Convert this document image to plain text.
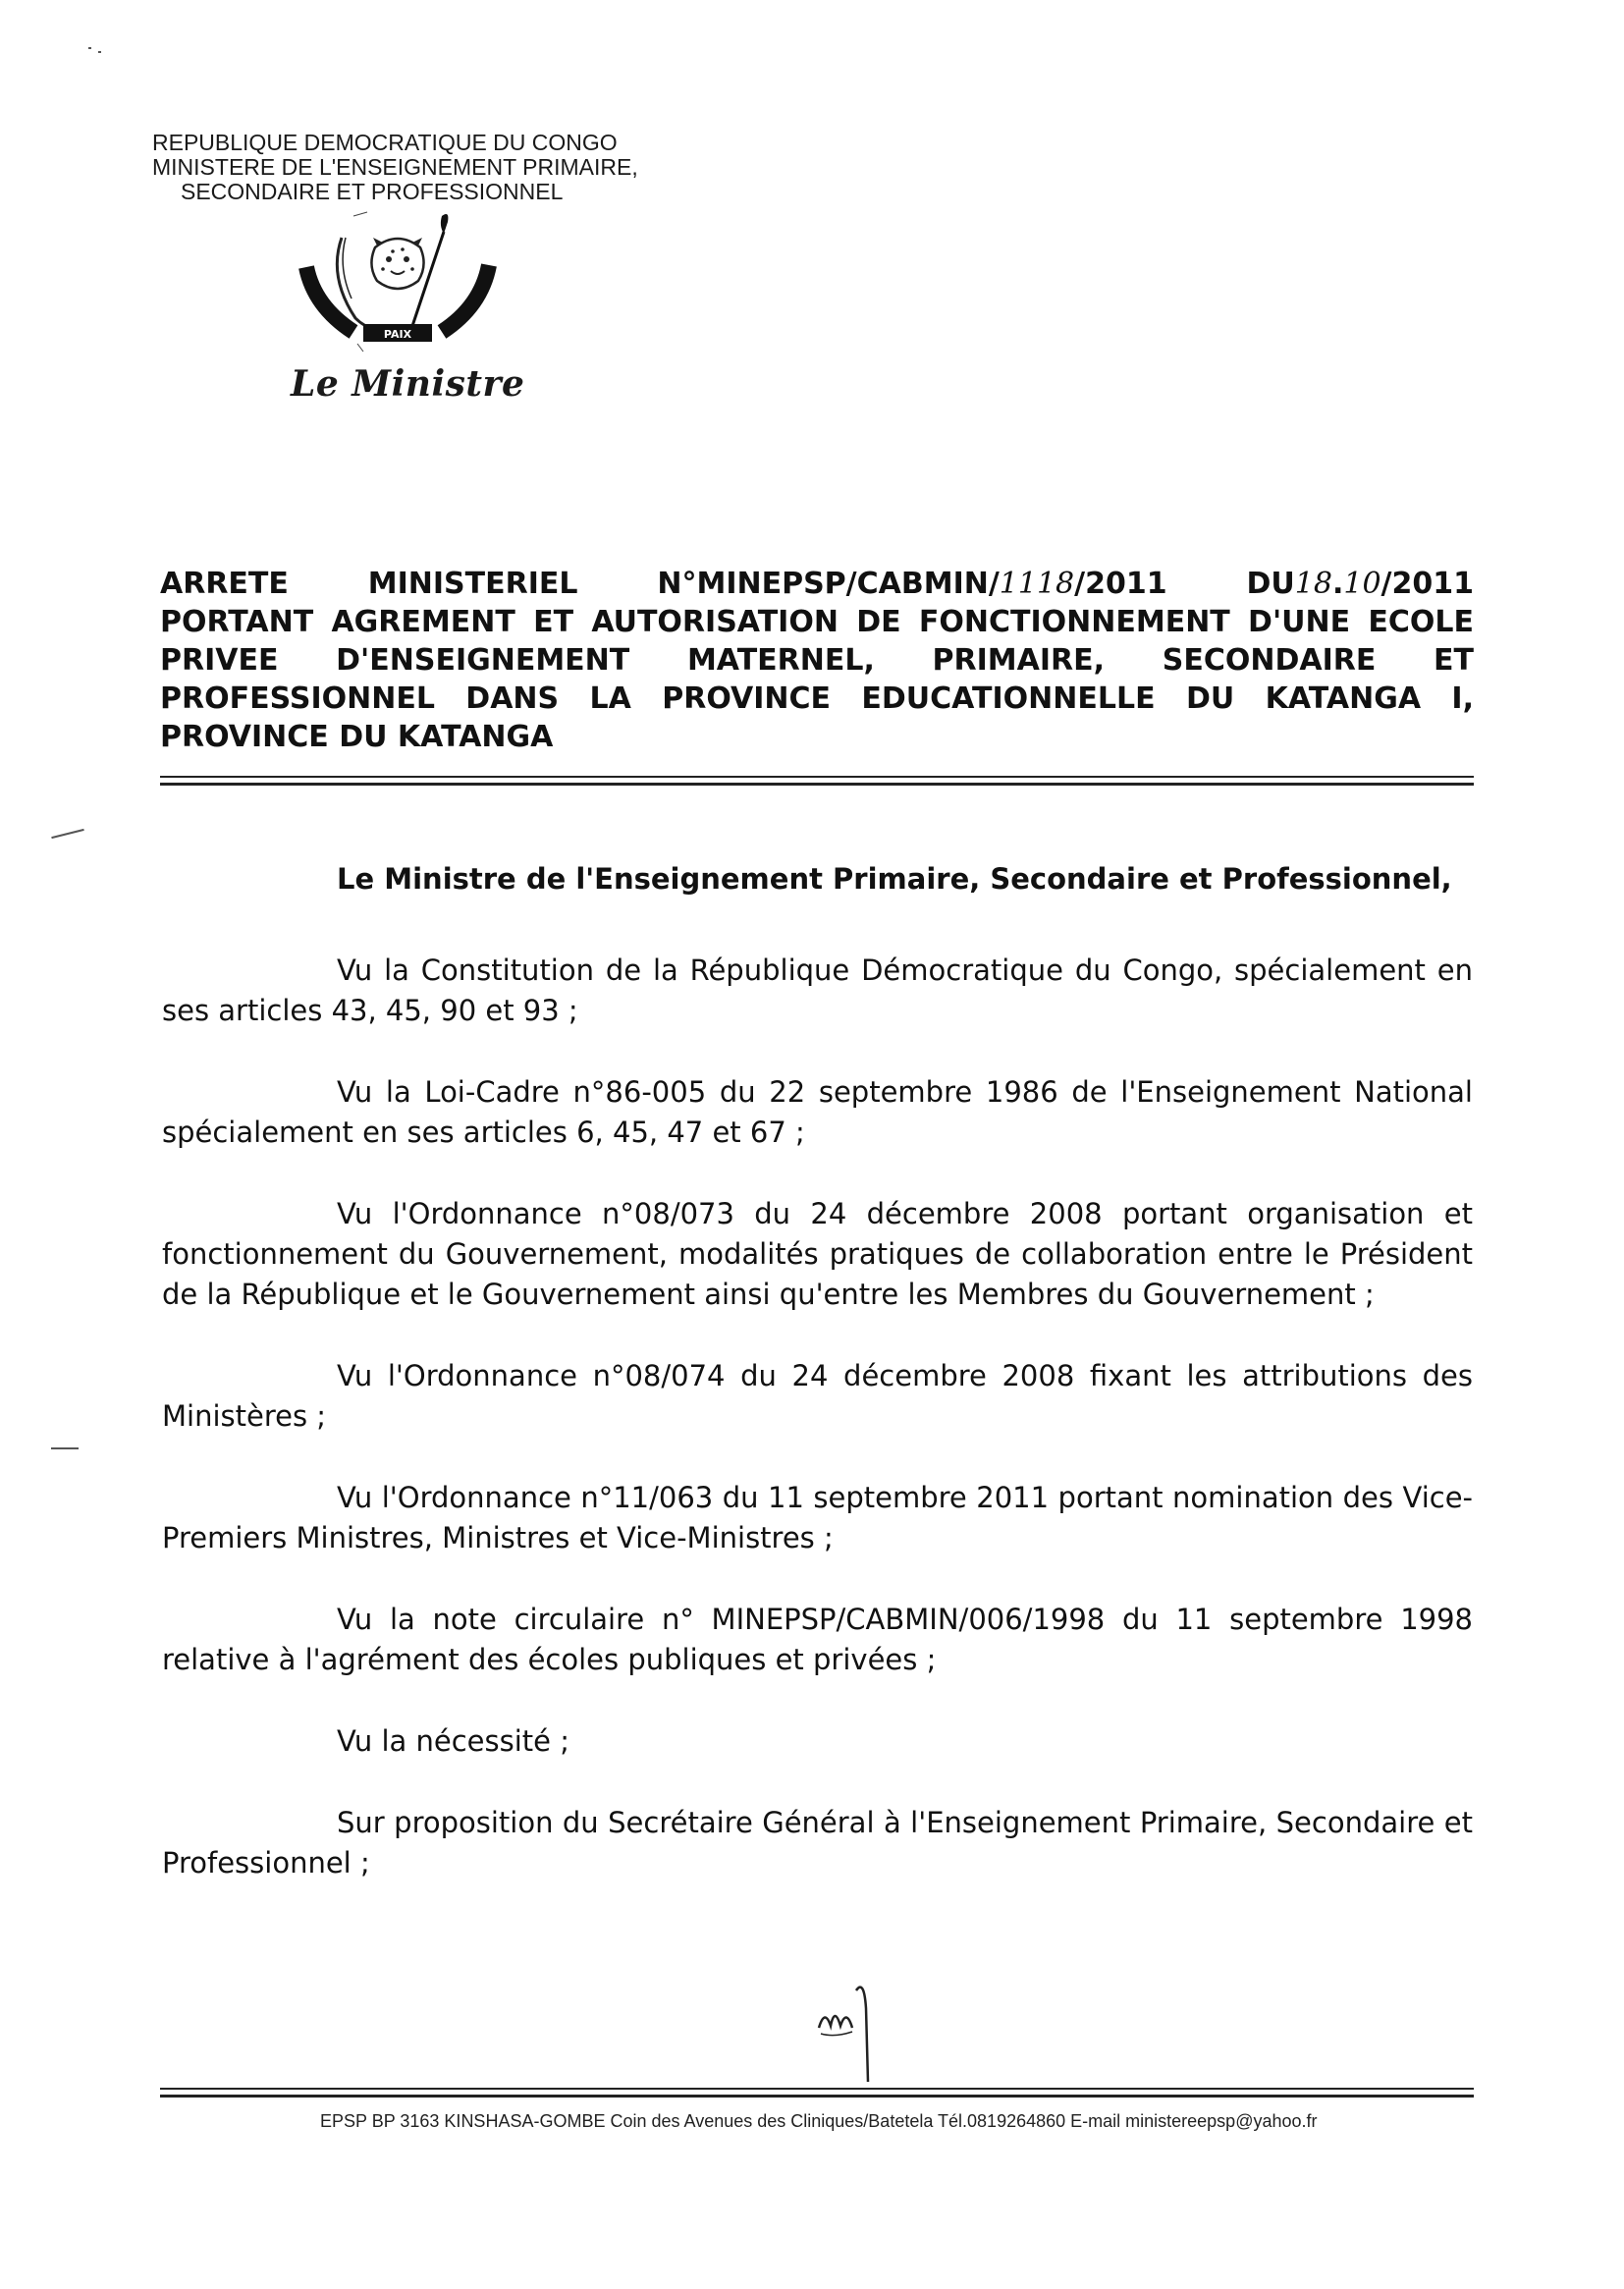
REPUBLIQUE DEMOCRATIQUE DU CONGO
MINISTERE DE L'ENSEIGNEMENT PRIMAIRE,
SECONDAIRE ET PROFESSIONNEL
PAIX
Le Ministre
ARRETE MINISTERIEL N°MINEPSP/CABMIN/1118/2011 DU18.10/2011
PORTANT AGREMENT ET AUTORISATION DE FONCTIONNEMENT D'UNE ECOLE
PRIVEE D'ENSEIGNEMENT MATERNEL, PRIMAIRE, SECONDAIRE ET
PROFESSIONNEL DANS LA PROVINCE EDUCATIONNELLE DU KATANGA I,
PROVINCE DU KATANGA

Le Ministre de l'Enseignement Primaire, Secondaire et Professionnel,

Vu la Constitution de la République Démocratique du Congo, spécialement en ses articles 43, 45, 90 et 93 ;

Vu la Loi-Cadre n°86-005 du 22 septembre 1986 de l'Enseignement National spécialement en ses articles 6, 45, 47 et 67 ;

Vu l'Ordonnance n°08/073 du 24 décembre 2008 portant organisation et fonctionnement du Gouvernement, modalités pratiques de collaboration entre le Président de la République et le Gouvernement ainsi qu'entre les Membres du Gouvernement ;

Vu l'Ordonnance n°08/074 du 24 décembre 2008 fixant les attributions des Ministères ;

Vu l'Ordonnance n°11/063 du 11 septembre 2011 portant nomination des Vice-Premiers Ministres, Ministres et Vice-Ministres ;

Vu la note circulaire n° MINEPSP/CABMIN/006/1998 du 11 septembre 1998 relative à l'agrément des écoles publiques et privées ;

Vu la nécessité ;

Sur proposition du Secrétaire Général à l'Enseignement Primaire, Secondaire et Professionnel ;

EPSP BP 3163 KINSHASA-GOMBE Coin des Avenues des Cliniques/Batetela Tél.0819264860 E-mail ministereepsp@yahoo.fr
